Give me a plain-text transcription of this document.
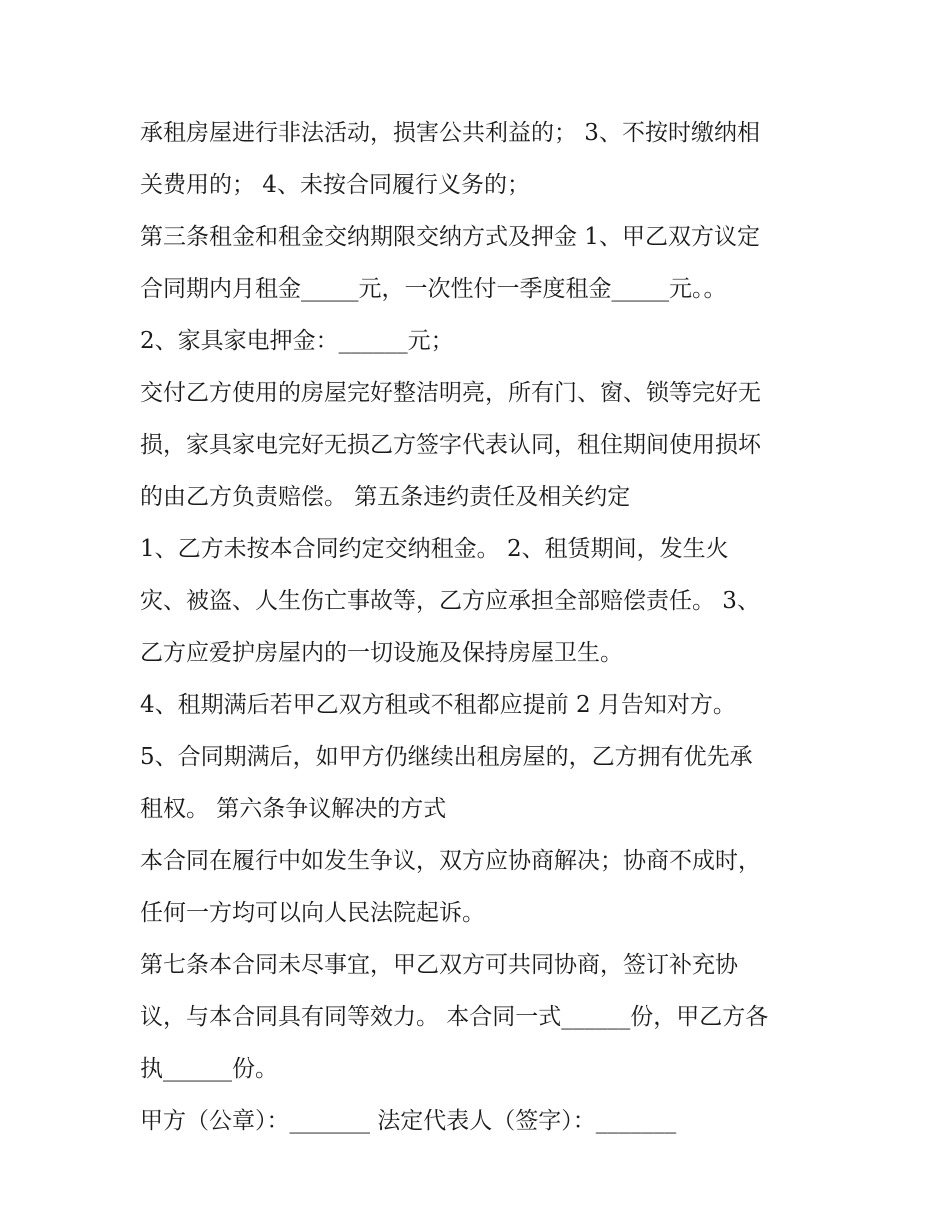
承租房屋进行非法活动，损害公共利益的； 3、不按时缴纳相
关费用的； 4、未按合同履行义务的；
第三条租金和租金交纳期限交纳方式及押金 1、甲乙双方议定
合同期内月租金_____元，一次性付一季度租金_____元。。
2、家具家电押金：______元；
交付乙方使用的房屋完好整洁明亮，所有门、窗、锁等完好无
损，家具家电完好无损乙方签字代表认同，租住期间使用损坏
的由乙方负责赔偿。 第五条违约责任及相关约定
1、乙方未按本合同约定交纳租金。 2、租赁期间，发生火
灾、被盗、人生伤亡事故等，乙方应承担全部赔偿责任。 3、
乙方应爱护房屋内的一切设施及保持房屋卫生。
4、租期满后若甲乙双方租或不租都应提前 2 月告知对方。
5、合同期满后，如甲方仍继续出租房屋的，乙方拥有优先承
租权。 第六条争议解决的方式
本合同在履行中如发生争议，双方应协商解决；协商不成时，
任何一方均可以向人民法院起诉。
第七条本合同未尽事宜，甲乙双方可共同协商，签订补充协
议，与本合同具有同等效力。 本合同一式______份，甲乙方各
执______份。
甲方（公章）：_______ 法定代表人（签字）：_______
